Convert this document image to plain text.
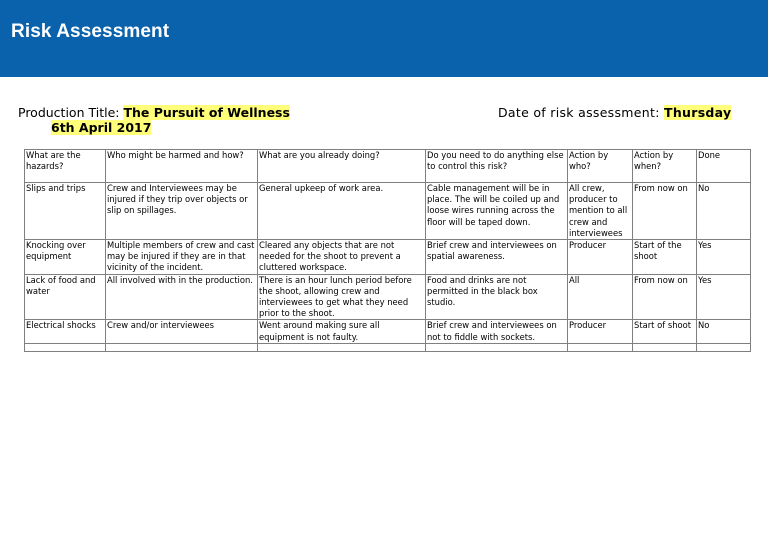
Risk Assessment
Production Title: The Pursuit of Wellness	Date of risk assessment: Thursday
6th April 2017
What are the hazards?	Who might be harmed and how?	What are you already doing?	Do you need to do anything else to control this risk?	Action by who?	Action by when?	Done
Slips and trips	Crew and Interviewees may be injured if they trip over objects or slip on spillages.	General upkeep of work area.	Cable management will be in place. The will be coiled up and loose wires running across the floor will be taped down.	All crew, producer to mention to all crew and interviewees	From now on	No
Knocking over equipment	Multiple members of crew and cast may be injured if they are in that vicinity of the incident.	Cleared any objects that are not needed for the shoot to prevent a cluttered workspace.	Brief crew and interviewees on spatial awareness.	Producer	Start of the shoot	Yes
Lack of food and water	All involved with in the production.	There is an hour lunch period before the shoot, allowing crew and interviewees to get what they need prior to the shoot.	Food and drinks are not permitted in the black box studio.	All	From now on	Yes
Electrical shocks	Crew and/or interviewees	Went around making sure all equipment is not faulty.	Brief crew and interviewees on not to fiddle with sockets.	Producer	Start of shoot	No
